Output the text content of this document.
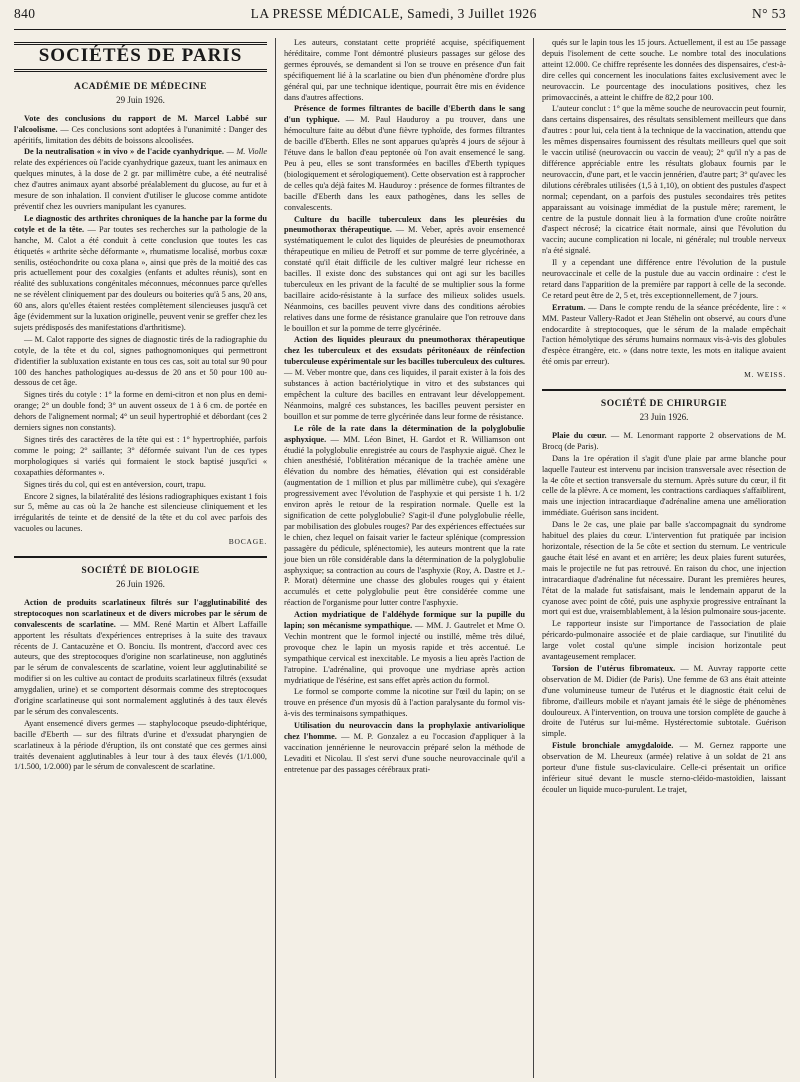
840	LA PRESSE MÉDICALE, Samedi, 3 Juillet 1926	N° 53
SOCIÉTÉS DE PARIS
ACADÉMIE DE MÉDECINE
29 Juin 1926.

Vote des conclusions du rapport de M. Marcel Labbé sur l'alcoolisme. — Ces conclusions sont adoptées à l'unanimité : Danger des apéritifs, limitation des débits de boissons alcoolisées.

De la neutralisation « in vivo » de l'acide cyanhydrique. — M. Violle relate des expériences où l'acide cyanhydrique gazeux, tuant les animaux en quelques minutes, à la dose de 2 gr. par millimètre cube, a été neutralisé chez d'autres animaux ayant absorbé préalablement du glucose, au fur et à mesure de son inhalation. Il convient d'utiliser le glucose comme antidote préventif chez les ouvriers manipulant les cyanures.

Le diagnostic des arthrites chroniques de la hanche par la forme du cotyle et de la tête. — Par toutes ses recherches sur la pathologie de la hanche, M. Calot a été conduit à cette conclusion que toutes les cas étiquetés « arthrite sèche déformante », rhumatisme localisé, morbus coxæ senilis, ostéochondrite ou coxa plana », ainsi que près de la moitié des cas pris actuellement pour des coxalgies (enfants et adultes réunis), sont en réalité des subluxations congénitales méconnues, méconnues parce qu'elles ne se révèlent cliniquement par des douleurs ou boiteries qu'à 5 ans, 20 ans, 60 ans, alors qu'elles étaient restées complètement silencieuses jusqu'à cet âge (évidemment sur la luxation originelle, peuvent venir se greffer chez les sujets prédisposés des manifestations d'arthritisme).

— M. Calot rapporte des signes de diagnostic tirés de la radiographie du cotyle, de la tête et du col, signes pathognomoniques qui permettront d'identifier la subluxation existante en tous ces cas, soit au total sur 90 pour 100 des hanches pathologiques au-dessus de 20 ans et 50 pour 100 au-dessous de cet âge.

Signes tirés du cotyle : 1° la forme en demi-citron et non plus en demi-orange; 2° un double fond; 3° un auvent osseux de 1 à 6 cm. de portée en dehors de l'alignement normal; 4° un seuil hypertrophié et débordant (ces 2 derniers signes non constants).

Signes tirés des caractères de la tête qui est : 1° hypertrophiée, parfois comme le poing; 2° saillante; 3° déformée suivant l'un de ces types morphologiques si variés qui formaient le stock baptisé jusqu'ici « coxapathies déformantes ».

Signes tirés du col, qui est en antéversion, court, trapu.

Encore 2 signes, la bilatéralité des lésions radiographiques existant 1 fois sur 5, même au cas où la 2e hanche est silencieuse cliniquement et les irrégularités de teinte et de densité de la tête et du col avec parfois des vacuoles ou lacunes.

BOCAGE.
SOCIÉTÉ DE BIOLOGIE
26 Juin 1926.

Action de produits scarlatineux filtrés sur l'agglutinabilité des streptocoques non scarlatineux et de divers microbes par le sérum de convalescents de scarlatine. — MM. René Martin et Albert Laffaille apportent les résultats d'expériences entreprises à la suite des travaux récents de J. Cantacuzène et O. Bonciu. Ils montrent, d'accord avec ces auteurs, que des streptocoques d'origine non scarlatineuse, non agglutinés par le sérum de convalescents de scarlatine, voient leur agglutinabilité se modifier si on les cultive au contact de produits scarlatineux filtrés (exsudat amygdalien, urine) et se comportent désormais comme des streptocoques d'origine scarlatineuse qui sont normalement agglutinés à des taux élevés par le sérum des convalescents.

Ayant ensemencé divers germes — staphylocoque pseudo-diphtérique, bacille d'Eberth — sur des filtrats d'urine et d'exsudat pharyngien de scarlatineux à la période d'éruption, ils ont constaté que ces germes ainsi traités devenaient agglutinables à leur tour à des taux élevés (1/1.000, 1/1.500, 1/2.000) par le sérum de convalescent de scarlatine.

Les auteurs, constatant cette propriété acquise, spécifiquement héréditaire, comme l'ont démontré plusieurs passages sur gélose des germes éprouvés, se demandent si l'on se trouve en présence d'un fait spécifiquement lié à la scarlatine ou bien d'un phénomène d'ordre plus général qui, par une technique identique, pourrait être mis en évidence dans d'autres affections.

Présence de formes filtrantes de bacille d'Eberth dans le sang d'un typhique. — M. Paul Hauduroy a pu trouver, dans une hémoculture faite au début d'une fièvre typhoïde, des formes filtrantes de bacille d'Eberth. Elles ne sont apparues qu'après 4 jours de séjour à l'étuve dans le ballon d'eau peptonée où l'on avait ensemencé le sang. Peu à peu, elles se sont transformées en bacilles d'Eberth typiques (biologiquement et sérologiquement). Cette observation est à rapprocher de celles qu'a déjà faites M. Hauduroy : présence de formes filtrantes de bacille d'Eberth dans les eaux pathogènes, dans les selles de convalescents.

Culture du bacille tuberculeux dans les pleurésies du pneumothorax thérapeutique. — M. Veber, après avoir ensemencé systématiquement le culot des liquides de pleurésies de pneumothorax thérapeutique en milieu de Petroff et sur pomme de terre glycérinée, a constaté qu'il était difficile de les cultiver malgré leur richesse en bacilles. Il existe donc des substances qui ont agi sur les bacilles tuberculeux en les privant de la faculté de se multiplier sous la forme bacillaire acido-résistante à la surface des milieux solides usuels. Néanmoins, ces bacilles peuvent vivre dans des conditions aérobies relatives dans une forme de résistance granulaire que l'on retrouve dans le bouillon et sur la pomme de terre glycérinée.

Action des liquides pleuraux du pneumothorax thérapeutique chez les tuberculeux et des exsudats péritonéaux de réinfection tuberculeuse expérimentale sur les bacilles tuberculeux des cultures. — M. Veber montre que, dans ces liquides, il parait exister à la fois des substances à action bactériolytique in vitro et des substances qui empêchent la culture des bacilles en entravant leur développement. Néanmoins, malgré ces substances, les bacilles peuvent persister en bouillon et sur pomme de terre glycérinée dans leur forme de résistance.

Le rôle de la rate dans la détermination de la polyglobulie asphyxique. — MM. Léon Binet, H. Gardot et R. Williamson ont étudié la polyglobulie enregistrée au cours de l'asphyxie aiguë. Chez le chien anesthésié, l'oblitération mécanique de la trachée amène une élévation du nombre des hématies, élévation qui est considérable (augmentation de 1 million et plus par millimètre cube), qui s'exagère progressivement avec l'évolution de l'asphyxie et qui persiste 1 h. 1/2 environ après le retour de la respiration normale. Quelle est la signification de cette polyglobulie? S'agit-il d'une polyglobulie réelle, par mobilisation des globules rouges? Par des expériences effectuées sur le chien, chez lequel on faisait varier le facteur splénique (compression passagère du pédicule, splénectomie), les auteurs montrent que la rate joue bien un rôle considérable dans la détermination de la polyglobulie asphyxique; sa contraction au cours de l'asphyxie (Roy, A. Dastre et J.-P. Morat) détermine une chasse des globules rouges qui y étaient accumulés et cette polyglobulie peut être considérée comme une réaction de l'organisme pour lutter contre l'asphyxie.

Action mydriatique de l'aldéhyde formique sur la pupille du lapin; son mécanisme sympathique. — MM. J. Gautrelet et Mme O. Vechin montrent que le formol injecté ou instillé, même très dilué, provoque chez le lapin un myosis rapide et très accentué. Le sympathique cervical est inexcitable. Le myosis a lieu après l'action de l'atropine. L'adrénaline, qui provoque une mydriase après action mydriatique de l'ésérine, est sans effet après action du formol.

Le formol se comporte comme la nicotine sur l'œil du lapin; on se trouve en présence d'un myosis dû à l'action paralysante du formol vis-à-vis des terminaisons sympathiques.

Utilisation du neurovaccin dans la prophylaxie antivariolique chez l'homme. — M. P. Gonzalez a eu l'occasion d'appliquer à la vaccination jennérienne le neurovaccin préparé selon la méthode de Levaditi et Nicolau. Il s'est servi d'une souche neurovaccinale qu'il a entretenue par des passages cérébraux prati-

qués sur le lapin tous les 15 jours. Actuellement, il est au 15e passage depuis l'isolement de cette souche. Le nombre total des inoculations atteint 12.000. Ce chiffre représente les données des dispensaires, c'est-à-dire celles qui concernent les inoculations faites exclusivement avec le neurovaccin. Le pourcentage des inoculations positives, chez les primovaccinés, a atteint le chiffre de 82,2 pour 100.

L'auteur conclut : 1° que la même souche de neurovaccin peut fournir, dans certains dispensaires, des résultats sensiblement meilleurs que dans d'autres : pour lui, cela tient à la technique de la vaccination, attendu que les mêmes dispensaires fournissent des résultats meilleurs quel que soit le vaccin utilisé (neurovaccin ou vaccin de veau); 2° qu'il n'y a pas de différence appréciable entre les résultats globaux fournis par le neurovaccin, d'une part, et le vaccin jennérien, d'autre part; 3° qu'avec les dilutions cérébrales utilisées (1,5 à 1,10), on obtient des pustules d'aspect normal; cependant, on a parfois des pustules secondaires très petites apparaissant au voisinage immédiat de la pustule mère; rarement, le centre de la pustule donnait lieu à la formation d'une croûte noirâtre d'aspect nécrosé; la cicatrice était normale, ainsi que l'évolution du vaccin; aucune complication ni locale, ni générale; nul trouble nerveux n'a été signalé.

Il y a cependant une différence entre l'évolution de la pustule neurovaccinale et celle de la pustule due au vaccin ordinaire : c'est le retard dans l'apparition de la première par rapport à celle de la seconde. Ce retard peut être de 2, 5 et, très exceptionnellement, de 7 jours.

Erratum. — Dans le compte rendu de la séance précédente, lire : « MM. Pasteur Vallery-Radot et Jean Stéhelin ont observé, au cours d'une endocardite à streptocoques, que le sérum de la malade empêchait l'action hémolytique des sérums humains normaux vis-à-vis des globules d'espèce étrangère, etc. » (dans notre texte, les mots en italique avaient été omis par erreur).

M. WEISS.
SOCIÉTÉ DE CHIRURGIE
23 Juin 1926.

Plaie du cœur. — M. Lenormant rapporte 2 observations de M. Brocq (de Paris).

Dans la 1re opération il s'agit d'une plaie par arme blanche pour laquelle l'auteur est intervenu par incision transversale avec résection de la 4e côte et section transversale du sternum. Après suture du cœur, il fit celle de la plèvre. A ce moment, les contractions cardiaques s'affaiblirent, mais une injection intracardiaque d'adrénaline amena une amélioration immédiate. Guérison sans incident.

Dans le 2e cas, une plaie par balle s'accompagnait du syndrome habituel des plaies du cœur. L'intervention fut pratiquée par incision horizontale, résection de la 5e côte et section du sternum. Le ventricule gauche était lésé en avant et en arrière; les deux plaies furent suturées, mais le projectile ne fut pas retrouvé. En raison du choc, une injection intracardiaque d'adrénaline fut nécessaire. Durant les premières heures, l'état de la malade fut satisfaisant, mais le lendemain apparut de la cyanose avec point de côté, puis une asphyxie progressive entraînant la mort qui est due, vraisemblablement, à la lésion pulmonaire sous-jacente.

Le rapporteur insiste sur l'importance de l'association de plaie péricardo-pulmonaire associée et de plaie cardiaque, sur l'inutilité du large volet costal qu'une simple incision horizontale peut avantageusement remplacer.

Torsion de l'utérus fibromateux. — M. Auvray rapporte cette observation de M. Didier (de Paris). Une femme de 63 ans était atteinte d'une volumineuse tumeur de l'utérus et le diagnostic était celui de fibrome, d'ailleurs mobile et n'ayant jamais été le siège de phénomènes douloureux. A l'intervention, on trouva une torsion complète de gauche à droite de l'utérus sur lui-même. Hystérectomie subtotale. Guérison simple.

Fistule bronchiale amygdaloïde. — M. Gernez rapporte une observation de M. Lheureux (armée) relative à un soldat de 21 ans porteur d'une fistule sus-claviculaire. Celle-ci présentait un orifice inférieur situé devant le muscle sterno-cléido-mastoïdien, laissant écouler un liquide muco-purulent. Le trajet,
